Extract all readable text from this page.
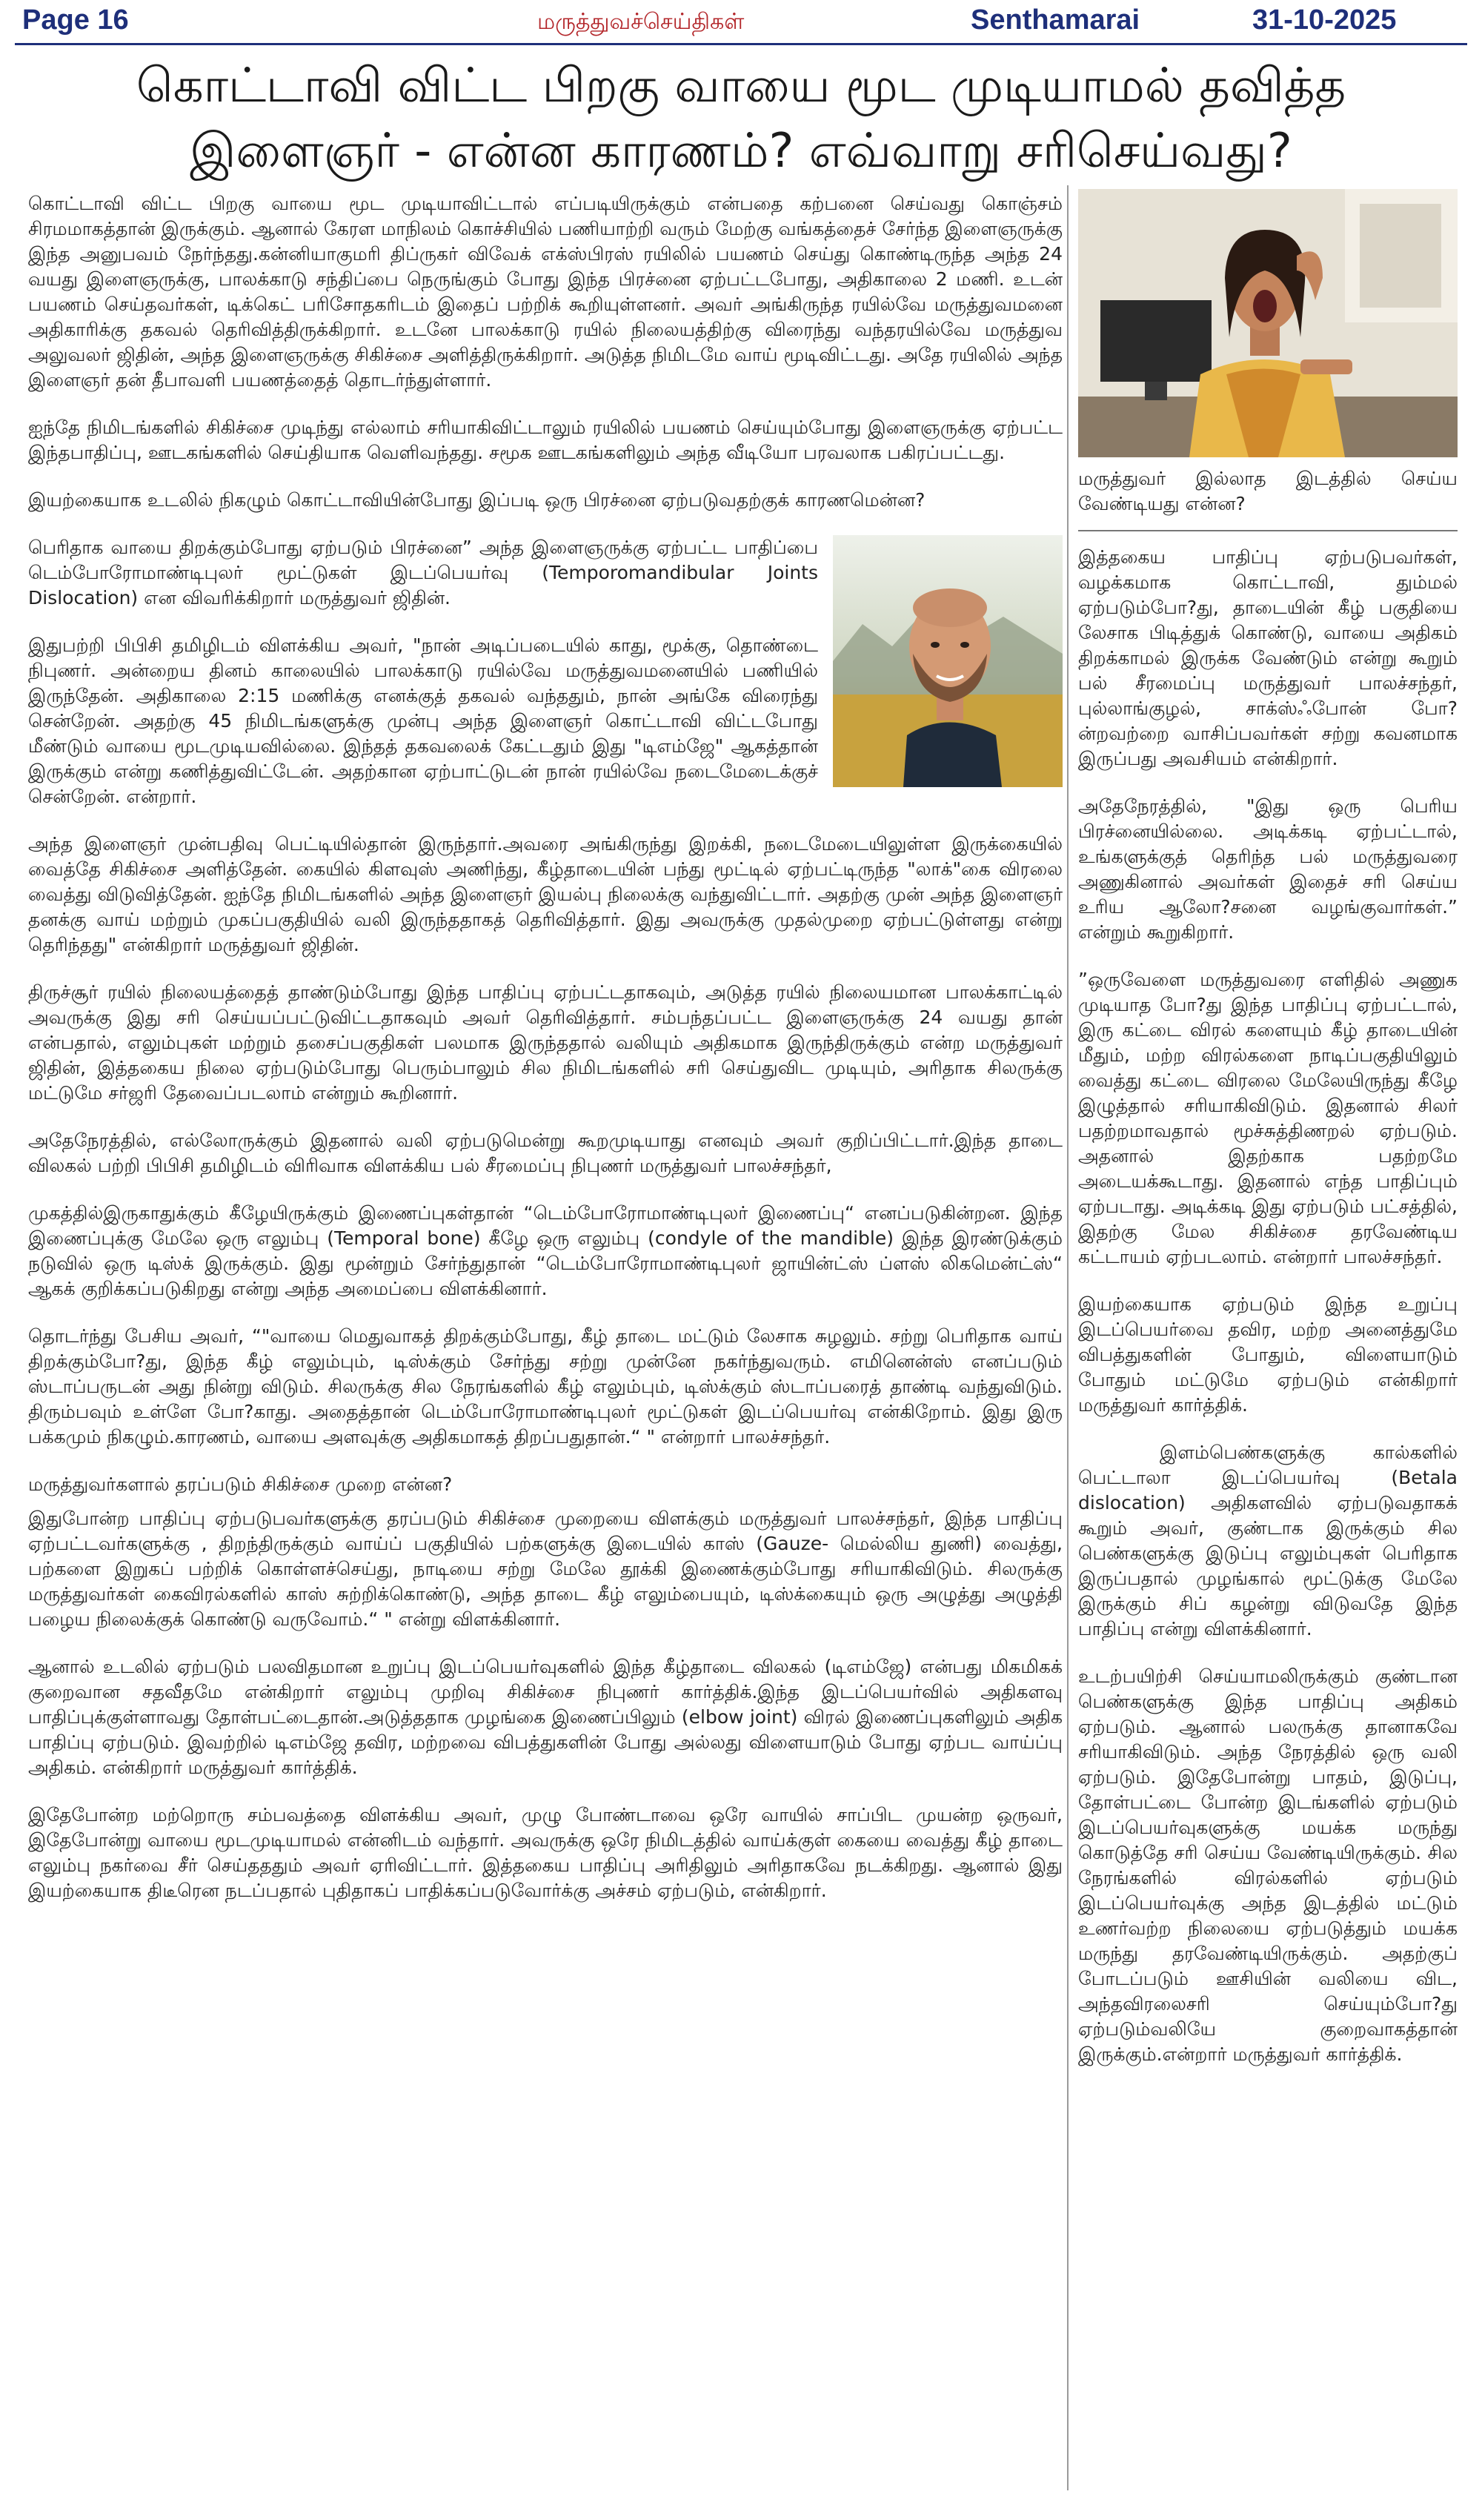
Page 16	மருத்துவச்செய்திகள்	Senthamarai	31-10-2025
கொட்டாவி விட்ட பிறகு வாயை மூட முடியாமல் தவித்த
இளைஞர் - என்ன காரணம்? எவ்வாறு சரிசெய்வது?

கொட்டாவி விட்ட பிறகு வாயை மூட முடியாவிட்டால் எப்படியிருக்கும் என்பதை கற்பனை செய்வது கொஞ்சம் சிரமமாகத்தான் இருக்கும். ஆனால் கேரள மாநிலம் கொச்சியில் பணியாற்றி வரும் மேற்கு வங்கத்தைச் சேர்ந்த இளைஞருக்கு இந்த அனுபவம் நேர்ந்தது.கன்னியாகுமரி திப்ருகர் விவேக் எக்ஸ்பிரஸ் ரயிலில் பயணம் செய்து கொண்டிருந்த அந்த 24 வயது இளைஞருக்கு, பாலக்காடு சந்திப்பை நெருங்கும் போது இந்த பிரச்னை ஏற்பட்டபோது, அதிகாலை 2 மணி. உடன் பயணம் செய்தவர்கள், டிக்கெட் பரிசோதகரிடம் இதைப் பற்றிக் கூறியுள்ளனர். அவர் அங்கிருந்த ரயில்வே மருத்துவமனை அதிகாரிக்கு தகவல் தெரிவித்திருக்கிறார். உடனே பாலக்காடு ரயில் நிலையத்திற்கு விரைந்து வந்தரயில்வே மருத்துவ அலுவலர் ஜிதின், அந்த இளைஞருக்கு சிகிச்சை அளித்திருக்கிறார். அடுத்த நிமிடமே வாய் மூடிவிட்டது. அதே ரயிலில் அந்த இளைஞர் தன் தீபாவளி பயணத்தைத் தொடர்ந்துள்ளார்.

ஐந்தே நிமிடங்களில் சிகிச்சை முடிந்து எல்லாம் சரியாகிவிட்டாலும் ரயிலில் பயணம் செய்யும்போது இளைஞருக்கு ஏற்பட்ட இந்தபாதிப்பு, ஊடகங்களில் செய்தியாக வெளிவந்தது. சமூக ஊடகங்களிலும் அந்த வீடியோ பரவலாக பகிரப்பட்டது.

இயற்கையாக உடலில் நிகழும் கொட்டாவியின்போது இப்படி ஒரு பிரச்னை ஏற்படுவதற்குக் காரணமென்ன?

பெரிதாக வாயை திறக்கும்போது ஏற்படும் பிரச்னை” அந்த இளைஞருக்கு ஏற்பட்ட பாதிப்பை டெம்போரோமாண்டிபுலர் மூட்டுகள் இடப்பெயர்வு (Temporomandibular Joints Dislocation) என விவரிக்கிறார் மருத்துவர் ஜிதின்.

இதுபற்றி பிபிசி தமிழிடம் விளக்கிய அவர், "நான் அடிப்படையில் காது, மூக்கு, தொண்டை நிபுணர். அன்றைய தினம் காலையில் பாலக்காடு ரயில்வே மருத்துவமனையில் பணியில் இருந்தேன். அதிகாலை 2:15 மணிக்கு எனக்குத் தகவல் வந்ததும், நான் அங்கே விரைந்து சென்றேன். அதற்கு 45 நிமிடங்களுக்கு முன்பு அந்த இளைஞர் கொட்டாவி விட்டபோது மீண்டும் வாயை மூடமுடியவில்லை. இந்தத் தகவலைக் கேட்டதும் இது "டிஎம்ஜே" ஆகத்தான் இருக்கும் என்று கணித்துவிட்டேன். அதற்கான ஏற்பாட்டுடன் நான் ரயில்வே நடைமேடைக்குச் சென்றேன். என்றார்.

அந்த இளைஞர் முன்பதிவு பெட்டியில்தான் இருந்தார்.அவரை அங்கிருந்து இறக்கி, நடைமேடையிலுள்ள இருக்கையில் வைத்தே சிகிச்சை அளித்தேன். கையில் கிளவுஸ் அணிந்து, கீழ்தாடையின் பந்து மூட்டில் ஏற்பட்டிருந்த "லாக்"கை விரலை வைத்து விடுவித்தேன். ஐந்தே நிமிடங்களில் அந்த இளைஞர் இயல்பு நிலைக்கு வந்துவிட்டார். அதற்கு முன் அந்த இளைஞர் தனக்கு வாய் மற்றும் முகப்பகுதியில் வலி இருந்ததாகத் தெரிவித்தார். இது அவருக்கு முதல்முறை ஏற்பட்டுள்ளது என்று தெரிந்தது" என்கிறார் மருத்துவர் ஜிதின்.

திருச்சூர் ரயில் நிலையத்தைத் தாண்டும்போது இந்த பாதிப்பு ஏற்பட்டதாகவும், அடுத்த ரயில் நிலையமான பாலக்காட்டில் அவருக்கு இது சரி செய்யப்பட்டுவிட்டதாகவும் அவர் தெரிவித்தார். சம்பந்தப்பட்ட இளைஞருக்கு 24 வயது தான் என்பதால், எலும்புகள் மற்றும் தசைப்பகுதிகள் பலமாக இருந்ததால் வலியும் அதிகமாக இருந்திருக்கும் என்ற மருத்துவர் ஜிதின், இத்தகைய நிலை ஏற்படும்போது பெரும்பாலும் சில நிமிடங்களில் சரி செய்துவிட முடியும், அரிதாக சிலருக்கு மட்டுமே சர்ஜரி தேவைப்படலாம் என்றும் கூறினார்.

அதேநேரத்தில், எல்லோருக்கும் இதனால் வலி ஏற்படுமென்று கூறமுடியாது எனவும் அவர் குறிப்பிட்டார்.இந்த தாடை விலகல் பற்றி பிபிசி தமிழிடம் விரிவாக விளக்கிய பல் சீரமைப்பு நிபுணர் மருத்துவர் பாலச்சந்தர்,

முகத்தில்இருகாதுக்கும் கீழேயிருக்கும் இணைப்புகள்தான் “டெம்போரோமாண்டிபுலர் இணைப்பு“ எனப்படுகின்றன. இந்த இணைப்புக்கு மேலே ஒரு எலும்பு (Temporal bone) கீழே ஒரு எலும்பு (condyle of the mandible) இந்த இரண்டுக்கும் நடுவில் ஒரு டிஸ்க் இருக்கும். இது மூன்றும் சேர்ந்துதான் “டெம்போரோமாண்டிபுலர் ஜாயின்ட்ஸ் ப்ளஸ் லிகமென்ட்ஸ்“ ஆகக் குறிக்கப்படுகிறது என்று அந்த அமைப்பை விளக்கினார்.

தொடர்ந்து பேசிய அவர், “"வாயை மெதுவாகத் திறக்கும்போது, கீழ் தாடை மட்டும் லேசாக சுழலும். சற்று பெரிதாக வாய் திறக்கும்போ?து, இந்த கீழ் எலும்பும், டிஸ்க்கும் சேர்ந்து சற்று முன்னே நகர்ந்துவரும். எமினென்ஸ் எனப்படும் ஸ்டாப்பருடன் அது நின்று விடும். சிலருக்கு சில நேரங்களில் கீழ் எலும்பும், டிஸ்க்கும் ஸ்டாப்பரைத் தாண்டி வந்துவிடும். திரும்பவும் உள்ளே போ?காது. அதைத்தான் டெம்போரோமாண்டிபுலர் மூட்டுகள் இடப்பெயர்வு என்கிறோம். இது இரு பக்கமும் நிகழும்.காரணம், வாயை அளவுக்கு அதிகமாகத் திறப்பதுதான்.“ " என்றார் பாலச்சந்தர்.

மருத்துவர்களால் தரப்படும் சிகிச்சை முறை என்ன?

இதுபோன்ற பாதிப்பு ஏற்படுபவர்களுக்கு தரப்படும் சிகிச்சை முறையை விளக்கும் மருத்துவர் பாலச்சந்தர், இந்த பாதிப்பு ஏற்பட்டவர்களுக்கு , திறந்திருக்கும் வாய்ப் பகுதியில் பற்களுக்கு இடையில் காஸ் (Gauze- மெல்லிய துணி) வைத்து, பற்களை இறுகப் பற்றிக் கொள்ளச்செய்து, நாடியை சற்று மேலே தூக்கி இணைக்கும்போது சரியாகிவிடும். சிலருக்கு மருத்துவர்கள் கைவிரல்களில் காஸ் சுற்றிக்கொண்டு, அந்த தாடை கீழ் எலும்பையும், டிஸ்க்கையும் ஒரு அழுத்து அழுத்தி பழைய நிலைக்குக் கொண்டு வருவோம்.“ " என்று விளக்கினார்.

ஆனால் உடலில் ஏற்படும் பலவிதமான உறுப்பு இடப்பெயர்வுகளில் இந்த கீழ்தாடை விலகல் (டிஎம்ஜே) என்பது மிகமிகக் குறைவான சதவீதமே என்கிறார் எலும்பு முறிவு சிகிச்சை நிபுணர் கார்த்திக்.இந்த இடப்பெயர்வில் அதிகளவு பாதிப்புக்குள்ளாவது தோள்பட்டைதான்.அடுத்ததாக முழங்கை இணைப்பிலும் (elbow joint) விரல் இணைப்புகளிலும் அதிக பாதிப்பு ஏற்படும். இவற்றில் டிஎம்ஜே தவிர, மற்றவை விபத்துகளின் போது அல்லது விளையாடும் போது ஏற்பட வாய்ப்பு அதிகம். என்கிறார் மருத்துவர் கார்த்திக்.

இதேபோன்ற மற்றொரு சம்பவத்தை விளக்கிய அவர், முழு போண்டாவை ஒரே வாயில் சாப்பிட முயன்ற ஒருவர், இதேபோன்று வாயை மூடமுடியாமல் என்னிடம் வந்தார். அவருக்கு ஒரே நிமிடத்தில் வாய்க்குள் கையை வைத்து கீழ் தாடை எலும்பு நகர்வை சீர் செய்தததும் அவர் ஏரிவிட்டார். இத்தகைய பாதிப்பு அரிதிலும் அரிதாகவே நடக்கிறது. ஆனால் இது இயற்கையாக திடீரென நடப்பதால் புதிதாகப் பாதிக்கப்படுவோர்க்கு அச்சம் ஏற்படும், என்கிறார்.

மருத்துவர் இல்லாத இடத்தில் செய்ய வேண்டியது என்ன?

இத்தகைய பாதிப்பு ஏற்படுபவர்கள், வழக்கமாக கொட்டாவி, தும்மல் ஏற்படும்போ?து, தாடையின் கீழ் பகுதியை லேசாக பிடித்துக் கொண்டு, வாயை அதிகம் திறக்காமல் இருக்க வேண்டும் என்று கூறும் பல் சீரமைப்பு மருத்துவர் பாலச்சந்தர், புல்லாங்குழல், சாக்ஸ்ஃபோன் போ?ன்றவற்றை வாசிப்பவர்கள் சற்று கவனமாக இருப்பது அவசியம் என்கிறார்.

அதேநேரத்தில், "இது ஒரு பெரிய பிரச்னையில்லை. அடிக்கடி ஏற்பட்டால், உங்களுக்குத் தெரிந்த பல் மருத்துவரை அணுகினால் அவர்கள் இதைச் சரி செய்ய உரிய ஆலோ?சனை வழங்குவார்கள்.” என்றும் கூறுகிறார்.

”ஒருவேளை மருத்துவரை எளிதில் அணுக முடியாத போ?து இந்த பாதிப்பு ஏற்பட்டால், இரு கட்டை விரல் களையும் கீழ் தாடையின் மீதும், மற்ற விரல்களை நாடிப்பகுதியிலும் வைத்து கட்டை விரலை மேலேயிருந்து கீழே இழுத்தால் சரியாகிவிடும். இதனால் சிலர் பதற்றமாவதால் மூச்சுத்திணறல் ஏற்படும். அதனால் இதற்காக பதற்றமே அடையக்கூடாது. இதனால் எந்த பாதிப்பும் ஏற்படாது. அடிக்கடி இது ஏற்படும் பட்சத்தில், இதற்கு மேல சிகிச்சை தரவேண்டிய கட்டாயம் ஏற்படலாம். என்றார் பாலச்சந்தர்.

இயற்கையாக ஏற்படும் இந்த உறுப்பு இடப்பெயர்வை தவிர, மற்ற அனைத்துமே விபத்துகளின் போதும், விளையாடும் போதும் மட்டுமே ஏற்படும் என்கிறார் மருத்துவர் கார்த்திக்.

இளம்பெண்களுக்கு கால்களில் பெட்டாலா இடப்பெயர்வு (Betala dislocation) அதிகளவில் ஏற்படுவதாகக் கூறும் அவர், குண்டாக இருக்கும் சில பெண்களுக்கு இடுப்பு எலும்புகள் பெரிதாக இருப்பதால் முழங்கால் மூட்டுக்கு மேலே இருக்கும் சிப் கழன்று விடுவதே இந்த பாதிப்பு என்று விளக்கினார்.

உடற்பயிற்சி செய்யாமலிருக்கும் குண்டான பெண்களுக்கு இந்த பாதிப்பு அதிகம் ஏற்படும். ஆனால் பலருக்கு தானாகவே சரியாகிவிடும். அந்த நேரத்தில் ஒரு வலி ஏற்படும். இதேபோன்று பாதம், இடுப்பு, தோள்பட்டை போன்ற இடங்களில் ஏற்படும் இடப்பெயர்வுகளுக்கு மயக்க மருந்து கொடுத்தே சரி செய்ய வேண்டியிருக்கும். சில நேரங்களில் விரல்களில் ஏற்படும் இடப்பெயர்வுக்கு அந்த இடத்தில் மட்டும் உணர்வற்ற நிலையை ஏற்படுத்தும் மயக்க மருந்து தரவேண்டியிருக்கும். அதற்குப் போடப்படும் ஊசியின் வலியை விட, அந்தவிரலைசரி செய்யும்போ?து ஏற்படும்வலியே குறைவாகத்தான் இருக்கும்.என்றார் மருத்துவர் கார்த்திக்.
